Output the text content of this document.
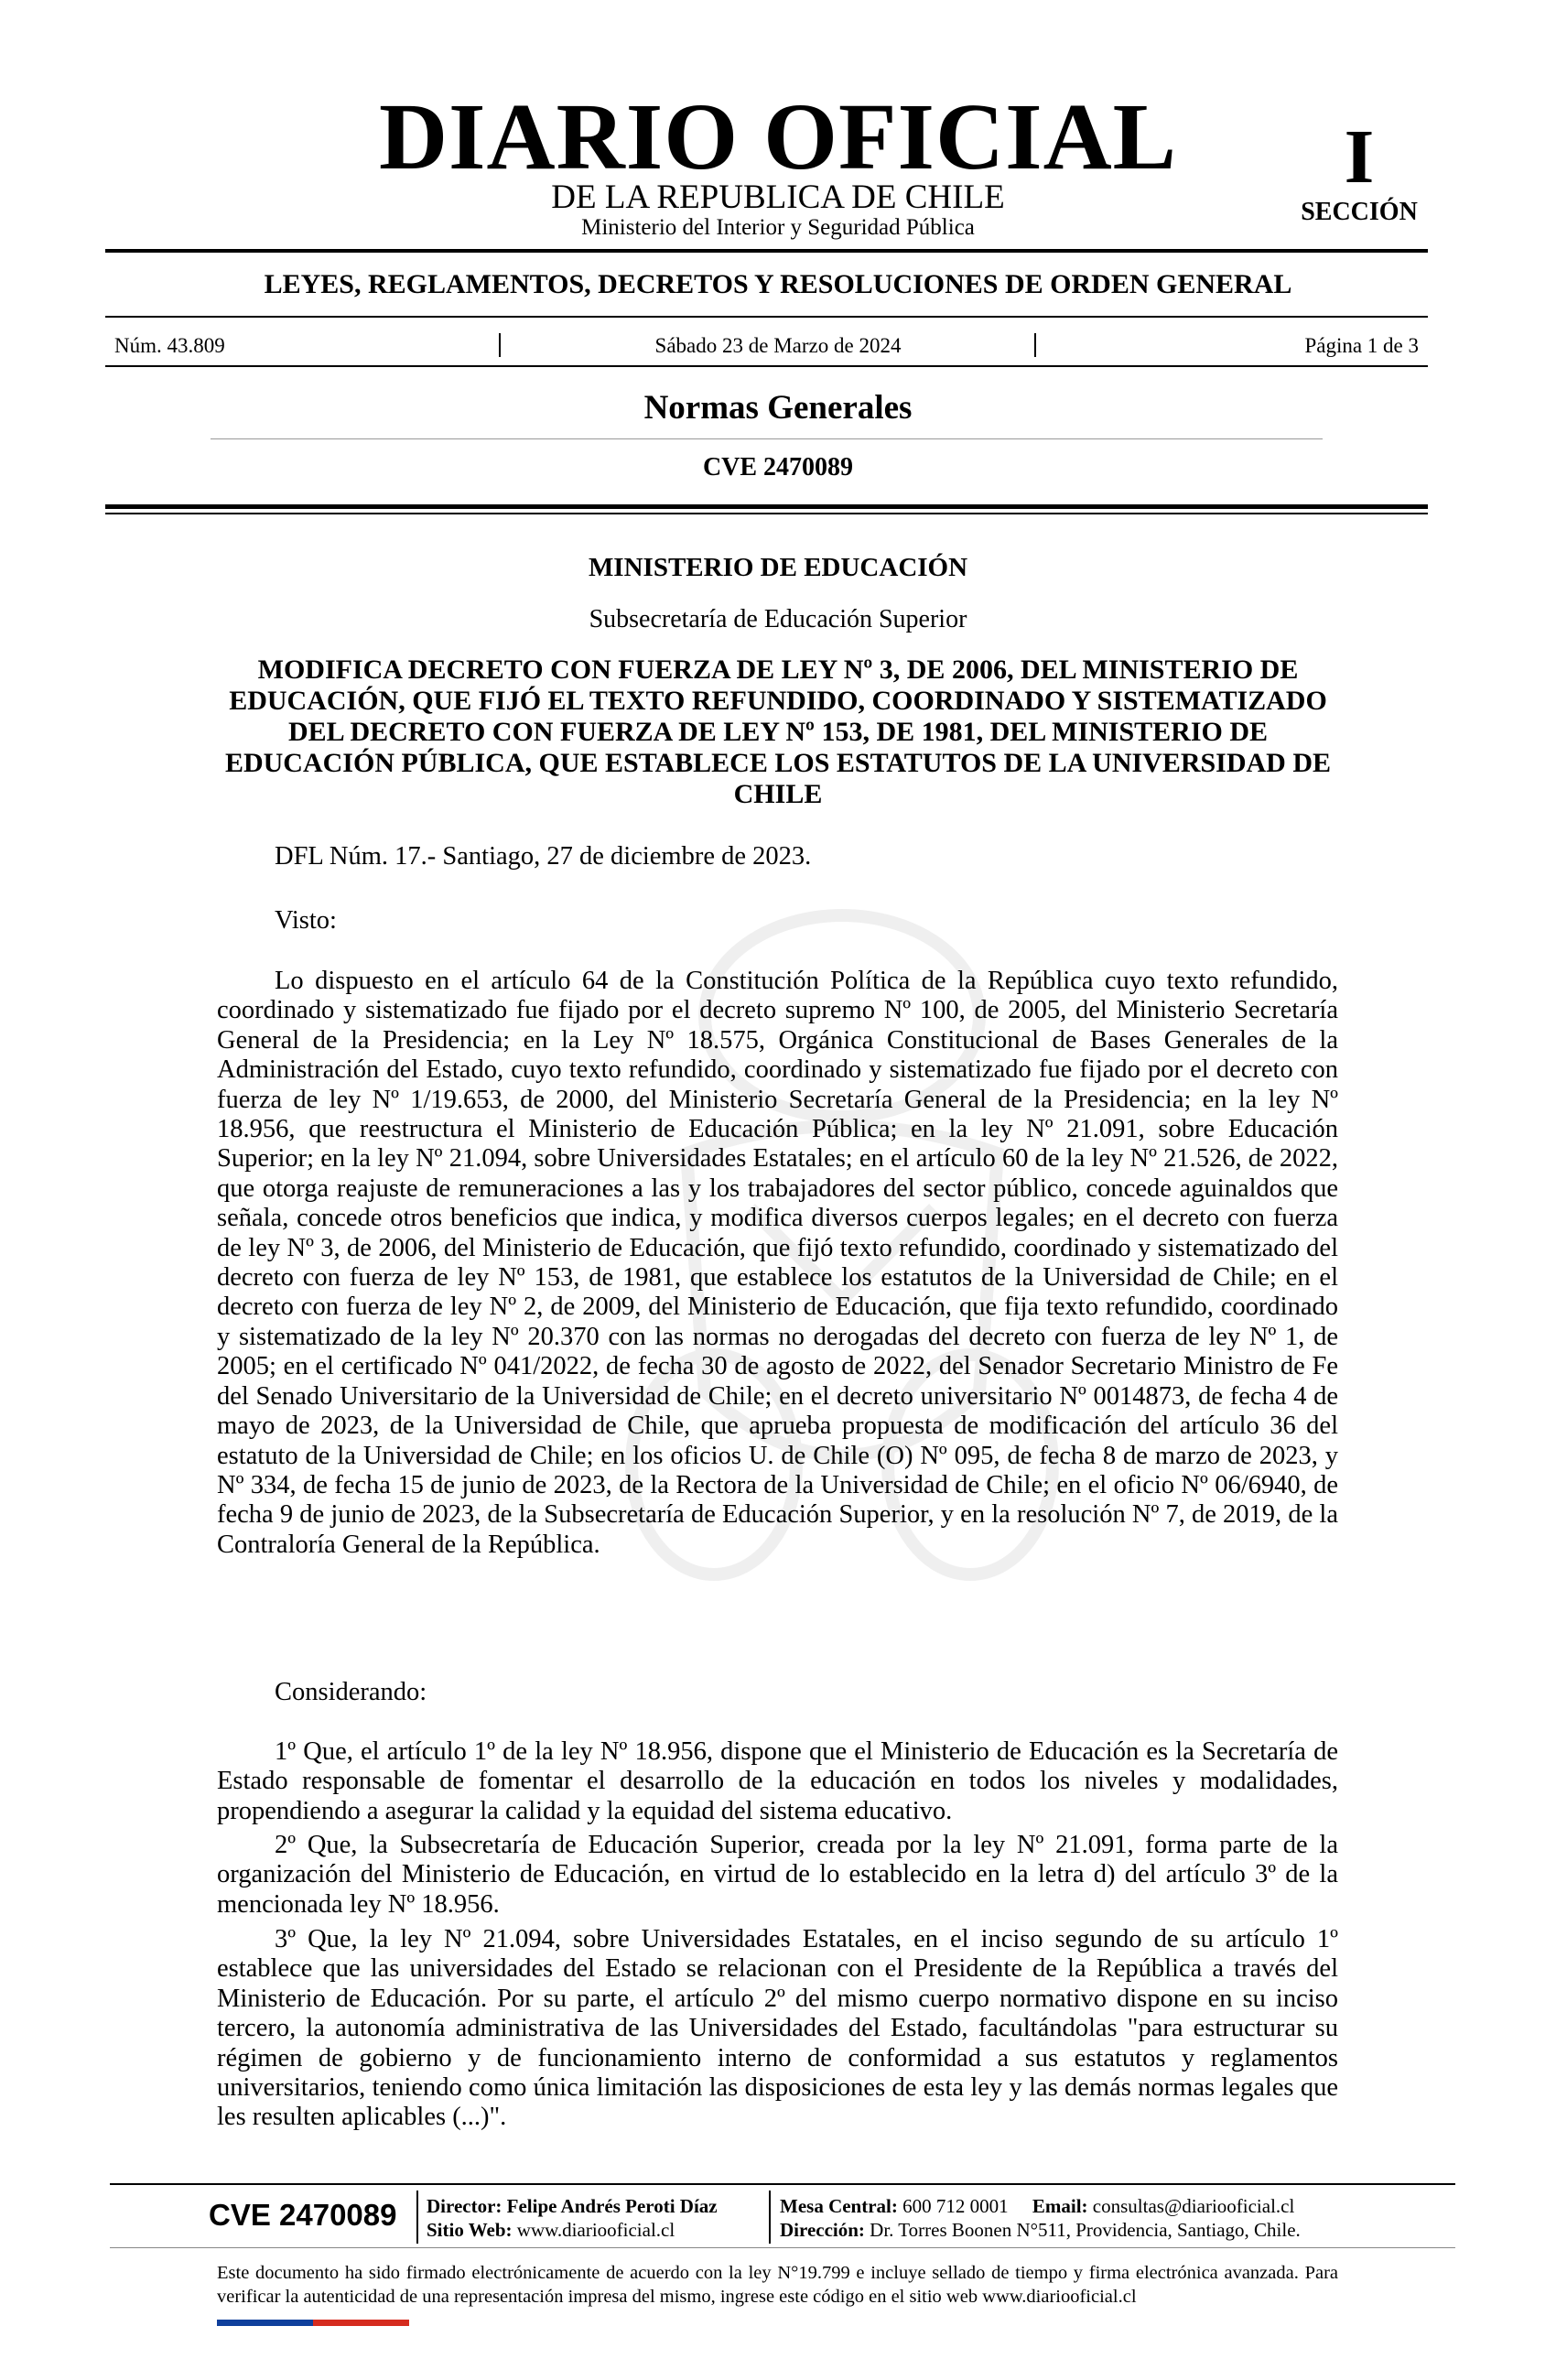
DIARIO OFICIAL
DE LA REPUBLICA DE CHILE
Ministerio del Interior y Seguridad Pública
I
SECCIÓN
LEYES, REGLAMENTOS, DECRETOS Y RESOLUCIONES DE ORDEN GENERAL
Núm. 43.809	Sábado 23 de Marzo de 2024	Página 1 de 3
Normas Generales
CVE 2470089
MINISTERIO DE EDUCACIÓN
Subsecretaría de Educación Superior
MODIFICA DECRETO CON FUERZA DE LEY Nº 3, DE 2006, DEL MINISTERIO DE EDUCACIÓN, QUE FIJÓ EL TEXTO REFUNDIDO, COORDINADO Y SISTEMATIZADO DEL DECRETO CON FUERZA DE LEY Nº 153, DE 1981, DEL MINISTERIO DE EDUCACIÓN PÚBLICA, QUE ESTABLECE LOS ESTATUTOS DE LA UNIVERSIDAD DE CHILE
DFL Núm. 17.- Santiago, 27 de diciembre de 2023.
Visto:
Lo dispuesto en el artículo 64 de la Constitución Política de la República cuyo texto refundido, coordinado y sistematizado fue fijado por el decreto supremo Nº 100, de 2005, del Ministerio Secretaría General de la Presidencia; en la Ley Nº 18.575, Orgánica Constitucional de Bases Generales de la Administración del Estado, cuyo texto refundido, coordinado y sistematizado fue fijado por el decreto con fuerza de ley Nº 1/19.653, de 2000, del Ministerio Secretaría General de la Presidencia; en la ley Nº 18.956, que reestructura el Ministerio de Educación Pública; en la ley Nº 21.091, sobre Educación Superior; en la ley Nº 21.094, sobre Universidades Estatales; en el artículo 60 de la ley Nº 21.526, de 2022, que otorga reajuste de remuneraciones a las y los trabajadores del sector público, concede aguinaldos que señala, concede otros beneficios que indica, y modifica diversos cuerpos legales; en el decreto con fuerza de ley Nº 3, de 2006, del Ministerio de Educación, que fijó texto refundido, coordinado y sistematizado del decreto con fuerza de ley Nº 153, de 1981, que establece los estatutos de la Universidad de Chile; en el decreto con fuerza de ley Nº 2, de 2009, del Ministerio de Educación, que fija texto refundido, coordinado y sistematizado de la ley Nº 20.370 con las normas no derogadas del decreto con fuerza de ley Nº 1, de 2005; en el certificado Nº 041/2022, de fecha 30 de agosto de 2022, del Senador Secretario Ministro de Fe del Senado Universitario de la Universidad de Chile; en el decreto universitario Nº 0014873, de fecha 4 de mayo de 2023, de la Universidad de Chile, que aprueba propuesta de modificación del artículo 36 del estatuto de la Universidad de Chile; en los oficios U. de Chile (O) Nº 095, de fecha 8 de marzo de 2023, y Nº 334, de fecha 15 de junio de 2023, de la Rectora de la Universidad de Chile; en el oficio Nº 06/6940, de fecha 9 de junio de 2023, de la Subsecretaría de Educación Superior, y en la resolución Nº 7, de 2019, de la Contraloría General de la República.
Considerando:
1º Que, el artículo 1º de la ley Nº 18.956, dispone que el Ministerio de Educación es la Secretaría de Estado responsable de fomentar el desarrollo de la educación en todos los niveles y modalidades, propendiendo a asegurar la calidad y la equidad del sistema educativo.
2º Que, la Subsecretaría de Educación Superior, creada por la ley Nº 21.091, forma parte de la organización del Ministerio de Educación, en virtud de lo establecido en la letra d) del artículo 3º de la mencionada ley Nº 18.956.
3º Que, la ley Nº 21.094, sobre Universidades Estatales, en el inciso segundo de su artículo 1º establece que las universidades del Estado se relacionan con el Presidente de la República a través del Ministerio de Educación. Por su parte, el artículo 2º del mismo cuerpo normativo dispone en su inciso tercero, la autonomía administrativa de las Universidades del Estado, facultándolas "para estructurar su régimen de gobierno y de funcionamiento interno de conformidad a sus estatutos y reglamentos universitarios, teniendo como única limitación las disposiciones de esta ley y las demás normas legales que les resulten aplicables (...)".
CVE 2470089 Director: Felipe Andrés Peroti Díaz
Sitio Web: www.diariooficial.cl
Mesa Central: 600 712 0001 Email: consultas@diariooficial.cl
Dirección: Dr. Torres Boonen N°511, Providencia, Santiago, Chile.
Este documento ha sido firmado electrónicamente de acuerdo con la ley N°19.799 e incluye sellado de tiempo y firma electrónica avanzada. Para verificar la autenticidad de una representación impresa del mismo, ingrese este código en el sitio web www.diariooficial.cl
